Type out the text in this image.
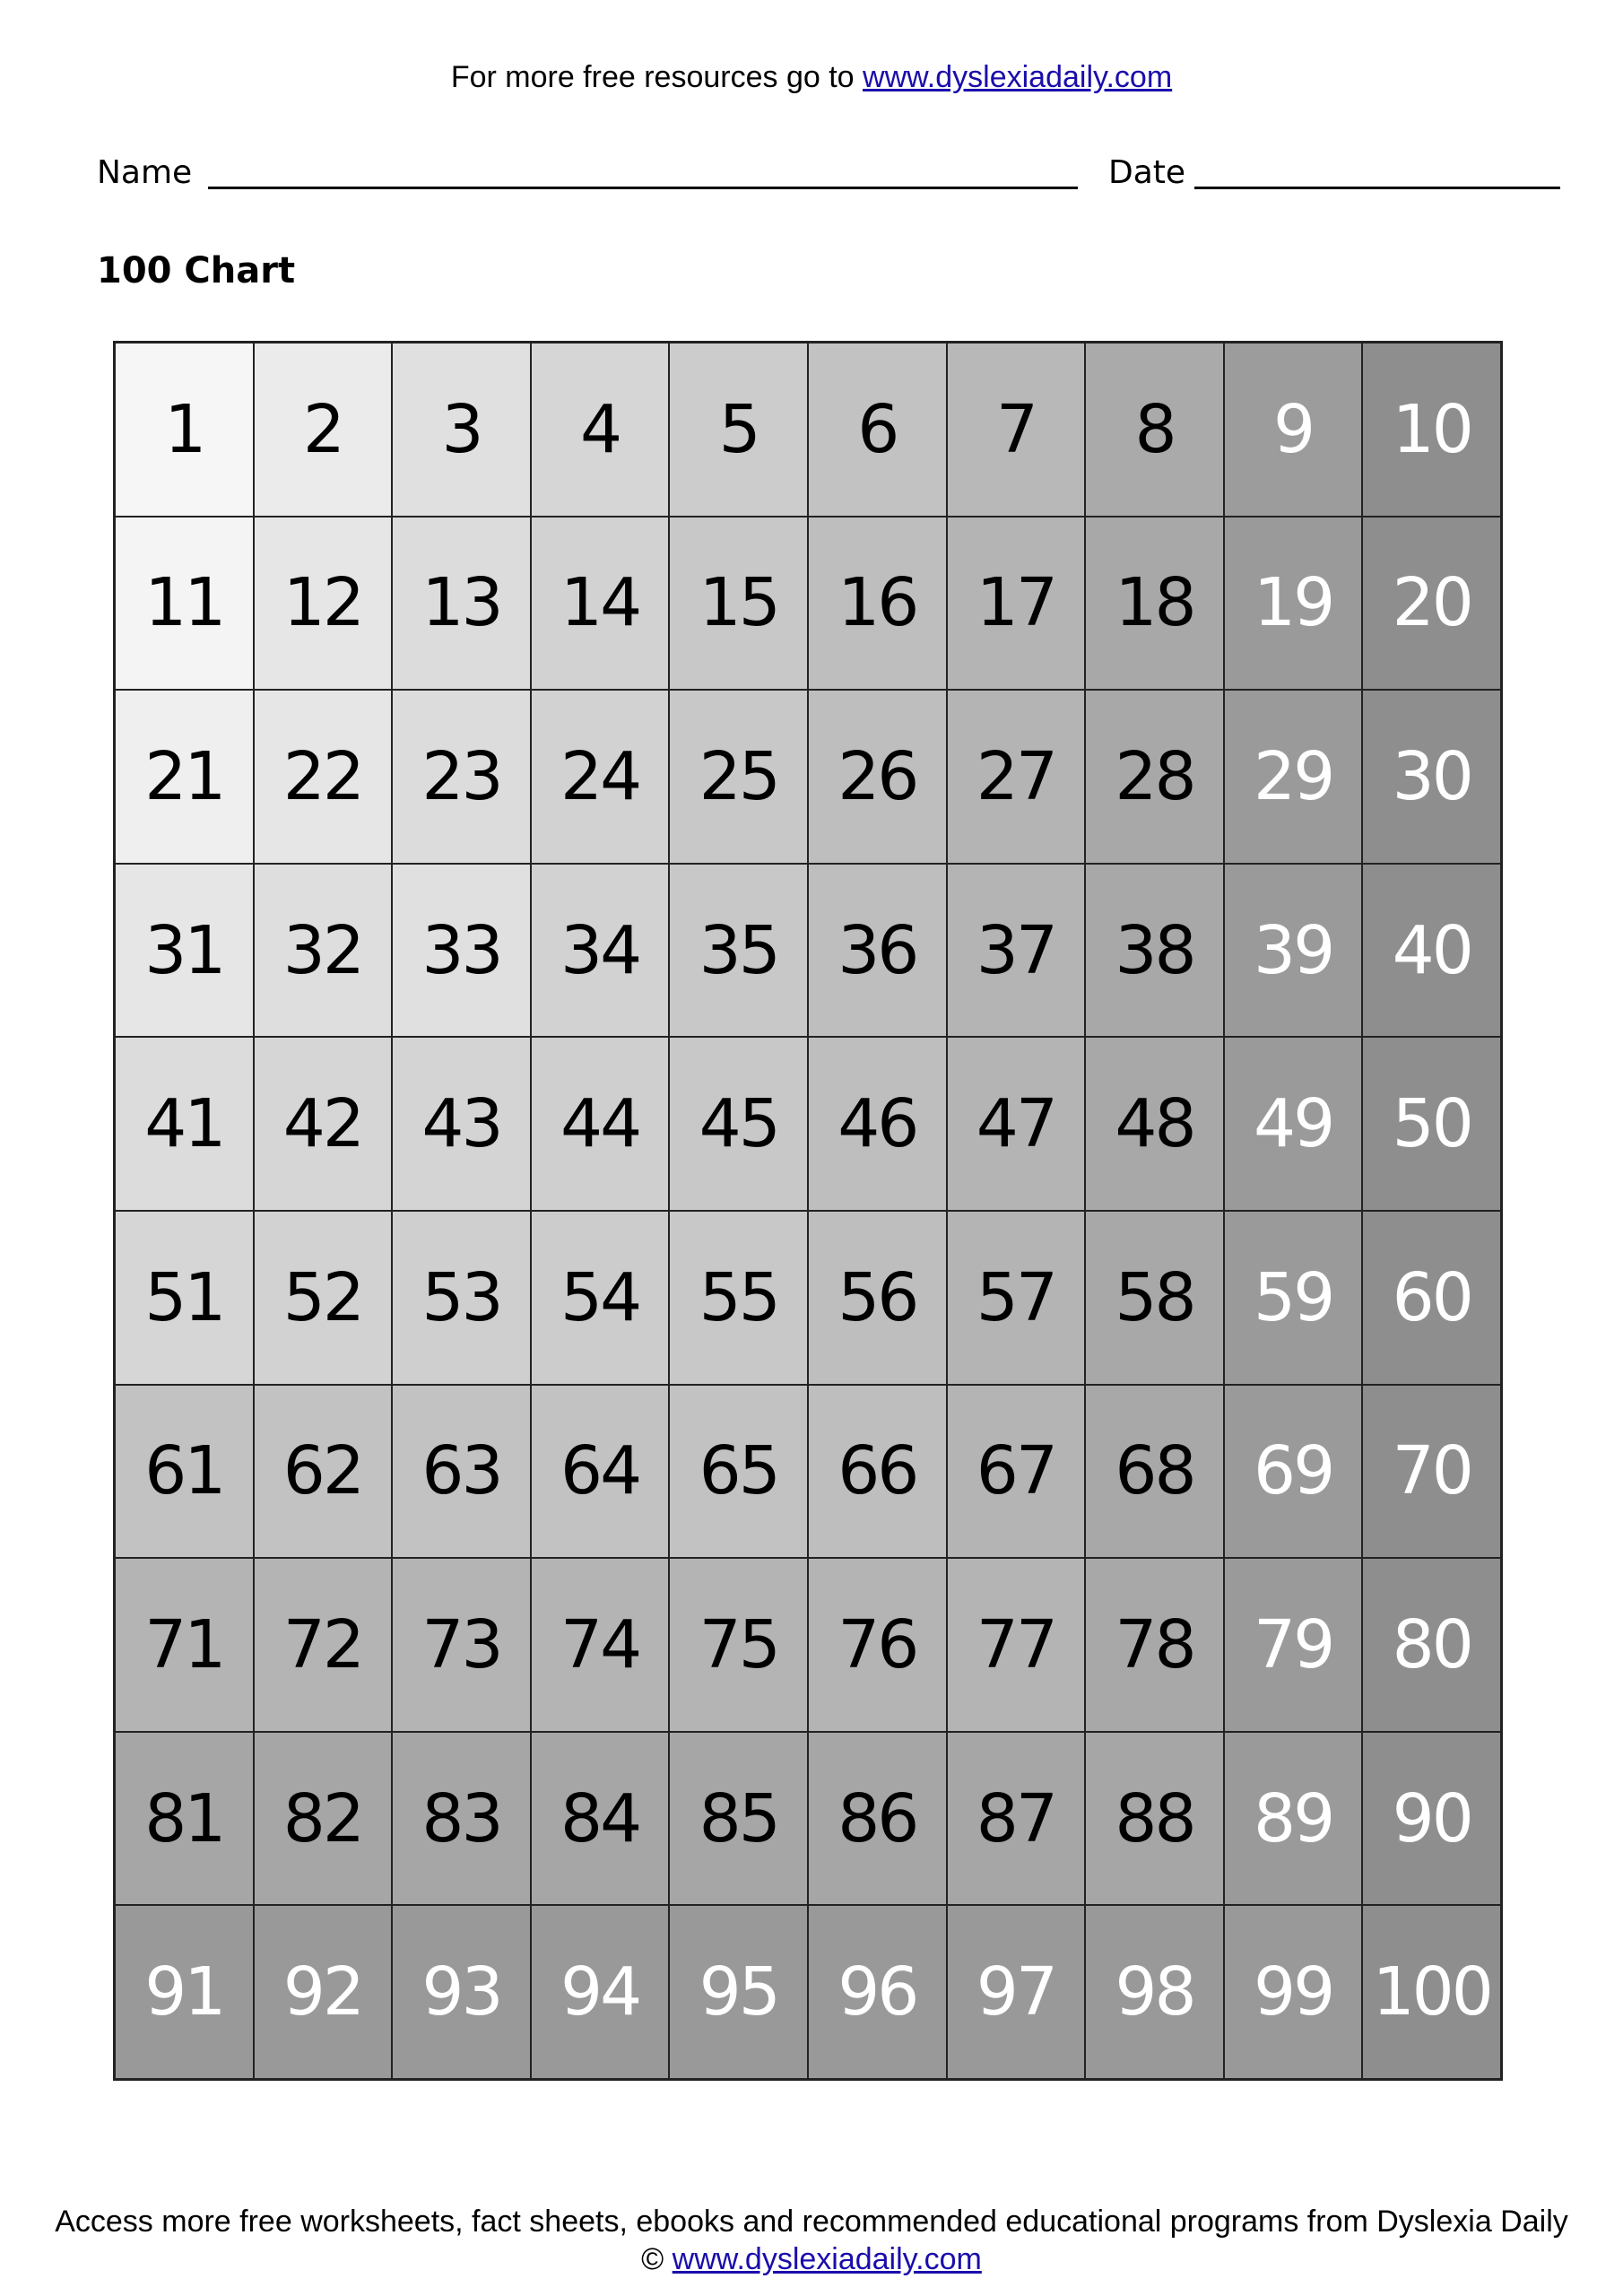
For more free resources go to www.dyslexiadaily.com
Name	Date
100 Chart
1	2	3	4	5	6	7	8	9	10
11 12 13 14 15 16 17 18 19 20
21 22 23 24 25 26 27 28 29 30
31 32 33 34 35 36 37 38 39 40
41 42 43 44 45 46 47 48 49 50
51 52 53 54 55 56 57 58 59 60
61 62 63 64 65 66 67 68 69 70
71 72 73 74 75 76 77 78 79 80
81 82 83 84 85 86 87 88 89 90
91 92 93 94 95 96 97 98 99 100
Access more free worksheets, fact sheets, ebooks and recommended educational programs from Dyslexia Daily
© www.dyslexiadaily.com
